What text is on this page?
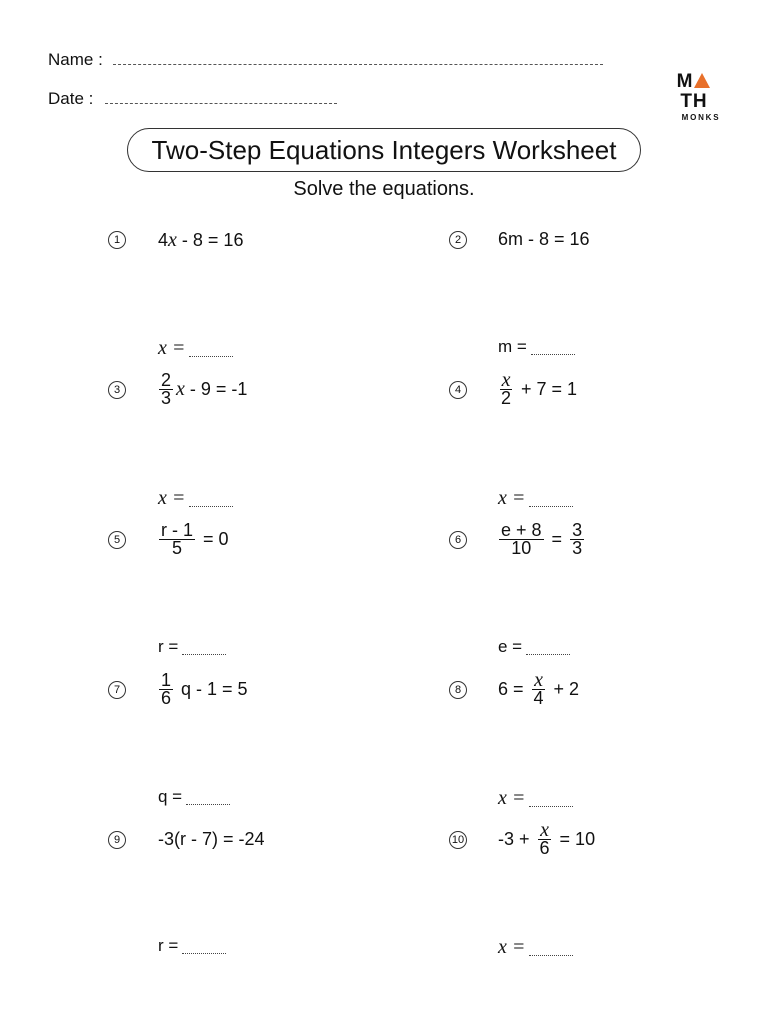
Name :
Date :
MTH
MONKS
Two-Step Equations Integers Worksheet
Solve the equations.
1	4 x - 8 = 16
x =
2	6m - 8 = 16
m =
3	$\frac{2}{3}$ x - 9 = -1
x =
$4 \frac{x}{2} + 7 = 1$
x =
5	$\frac{r - 1}{5} = 0$
r =
6	$\frac{e + 8}{10} = \frac{3}{3}$
e =
7	$\frac{1}{6}$ q - 1 = 5
q =
8	$6 = \frac{x}{4} + 2$
x =
9	-3(r - 7) = -24
r =
10 $-3 + \frac{x}{6} = 10$
x =
